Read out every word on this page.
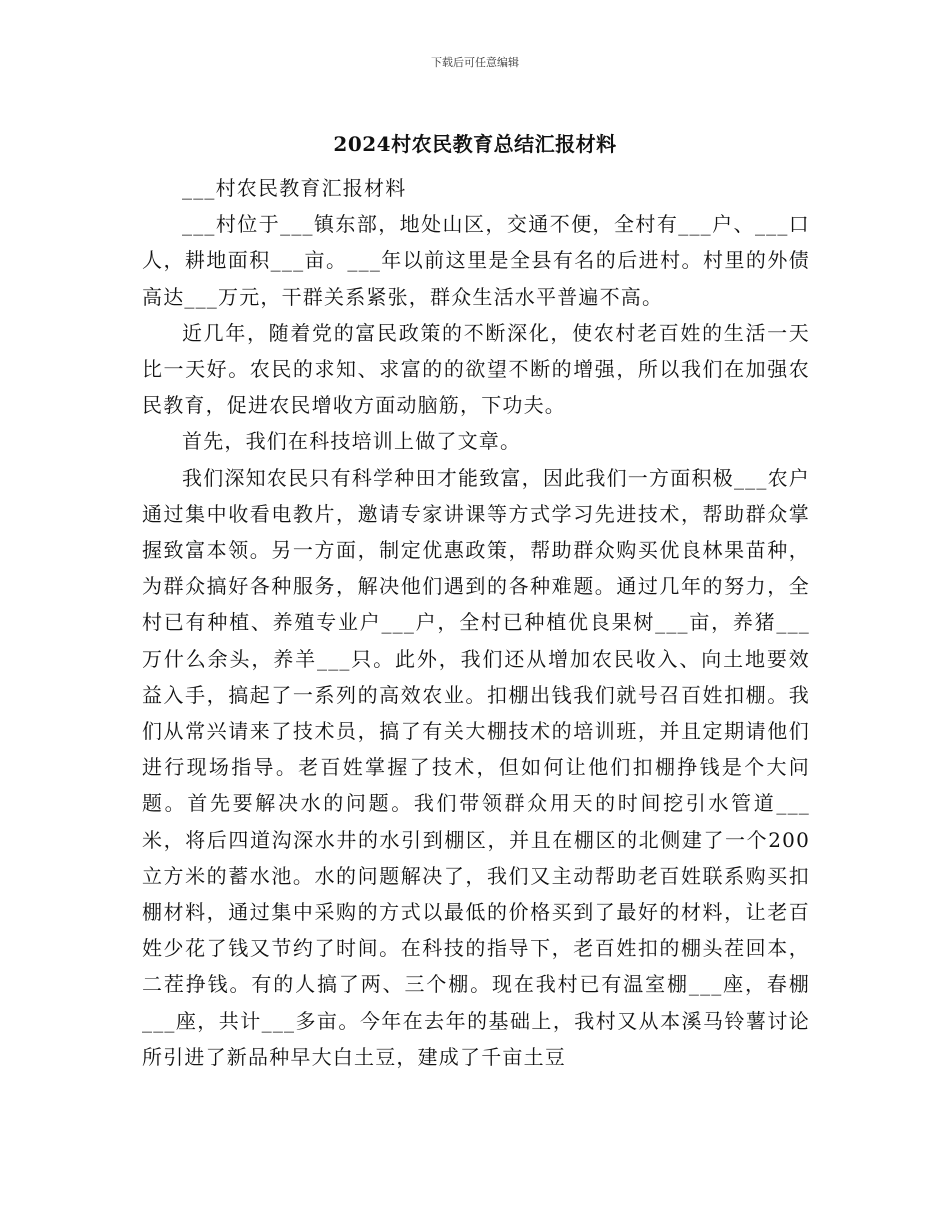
下载后可任意编辑
2024村农民教育总结汇报材料

___村农民教育汇报材料

___村位于___镇东部，地处山区，交通不便，全村有___户、___口人，耕地面积___亩。___年以前这里是全县有名的后进村。村里的外债高达___万元，干群关系紧张，群众生活水平普遍不高。

近几年，随着党的富民政策的不断深化，使农村老百姓的生活一天比一天好。农民的求知、求富的的欲望不断的增强，所以我们在加强农民教育，促进农民增收方面动脑筋，下功夫。

首先，我们在科技培训上做了文章。

我们深知农民只有科学种田才能致富，因此我们一方面积极___农户通过集中收看电教片，邀请专家讲课等方式学习先进技术，帮助群众掌握致富本领。另一方面，制定优惠政策，帮助群众购买优良林果苗种，为群众搞好各种服务，解决他们遇到的各种难题。通过几年的努力，全村已有种植、养殖专业户___户，全村已种植优良果树___亩，养猪___万什么余头，养羊___只。此外，我们还从增加农民收入、向土地要效益入手，搞起了一系列的高效农业。扣棚出钱我们就号召百姓扣棚。我们从常兴请来了技术员，搞了有关大棚技术的培训班，并且定期请他们进行现场指导。老百姓掌握了技术，但如何让他们扣棚挣钱是个大问题。首先要解决水的问题。我们带领群众用天的时间挖引水管道___米，将后四道沟深水井的水引到棚区，并且在棚区的北侧建了一个200立方米的蓄水池。水的问题解决了，我们又主动帮助老百姓联系购买扣棚材料，通过集中采购的方式以最低的价格买到了最好的材料，让老百姓少花了钱又节约了时间。在科技的指导下，老百姓扣的棚头茬回本，二茬挣钱。有的人搞了两、三个棚。现在我村已有温室棚___座，春棚___座，共计___多亩。今年在去年的基础上，我村又从本溪马铃薯讨论所引进了新品种早大白土豆，建成了千亩土豆
